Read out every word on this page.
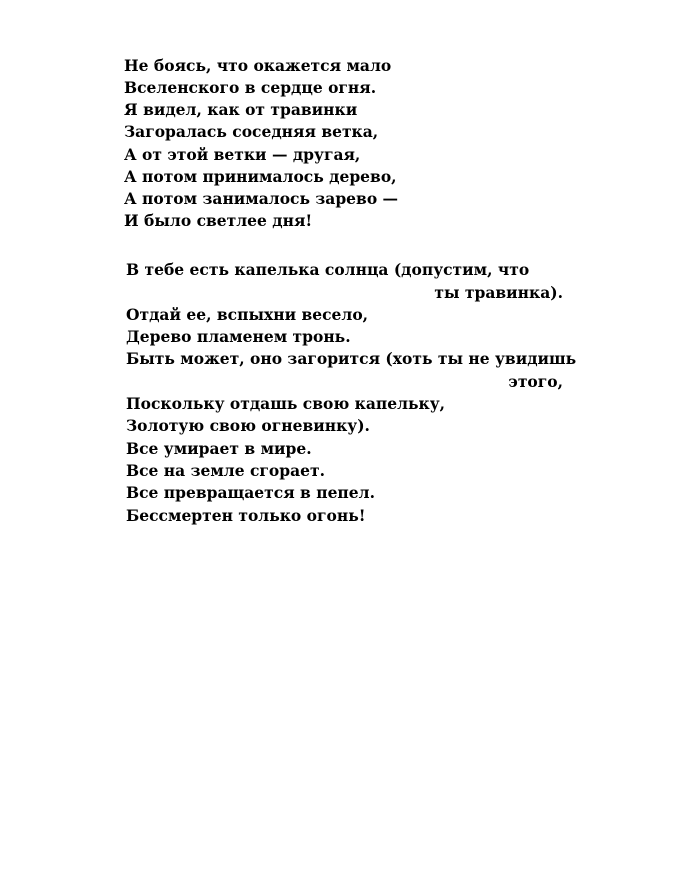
Не боясь, что окажется мало

Вселенского в сердце огня.

Я видел, как от травинки

Загоралась соседняя ветка,

А от этой ветки — другая,

А потом принималось дерево,

А потом занималось зарево —

И было светлее дня!

В тебе есть капелька солнца (допустим, что

ты травинка).

Отдай ее, вспыхни весело,

Дерево пламенем тронь.

Быть может, оно загорится (хоть ты не увидишь

этого,

Поскольку отдашь свою капельку,

Золотую свою огневинку).

Все умирает в мире.

Все на земле сгорает.

Все превращается в пепел.

Бессмертен только огонь!
